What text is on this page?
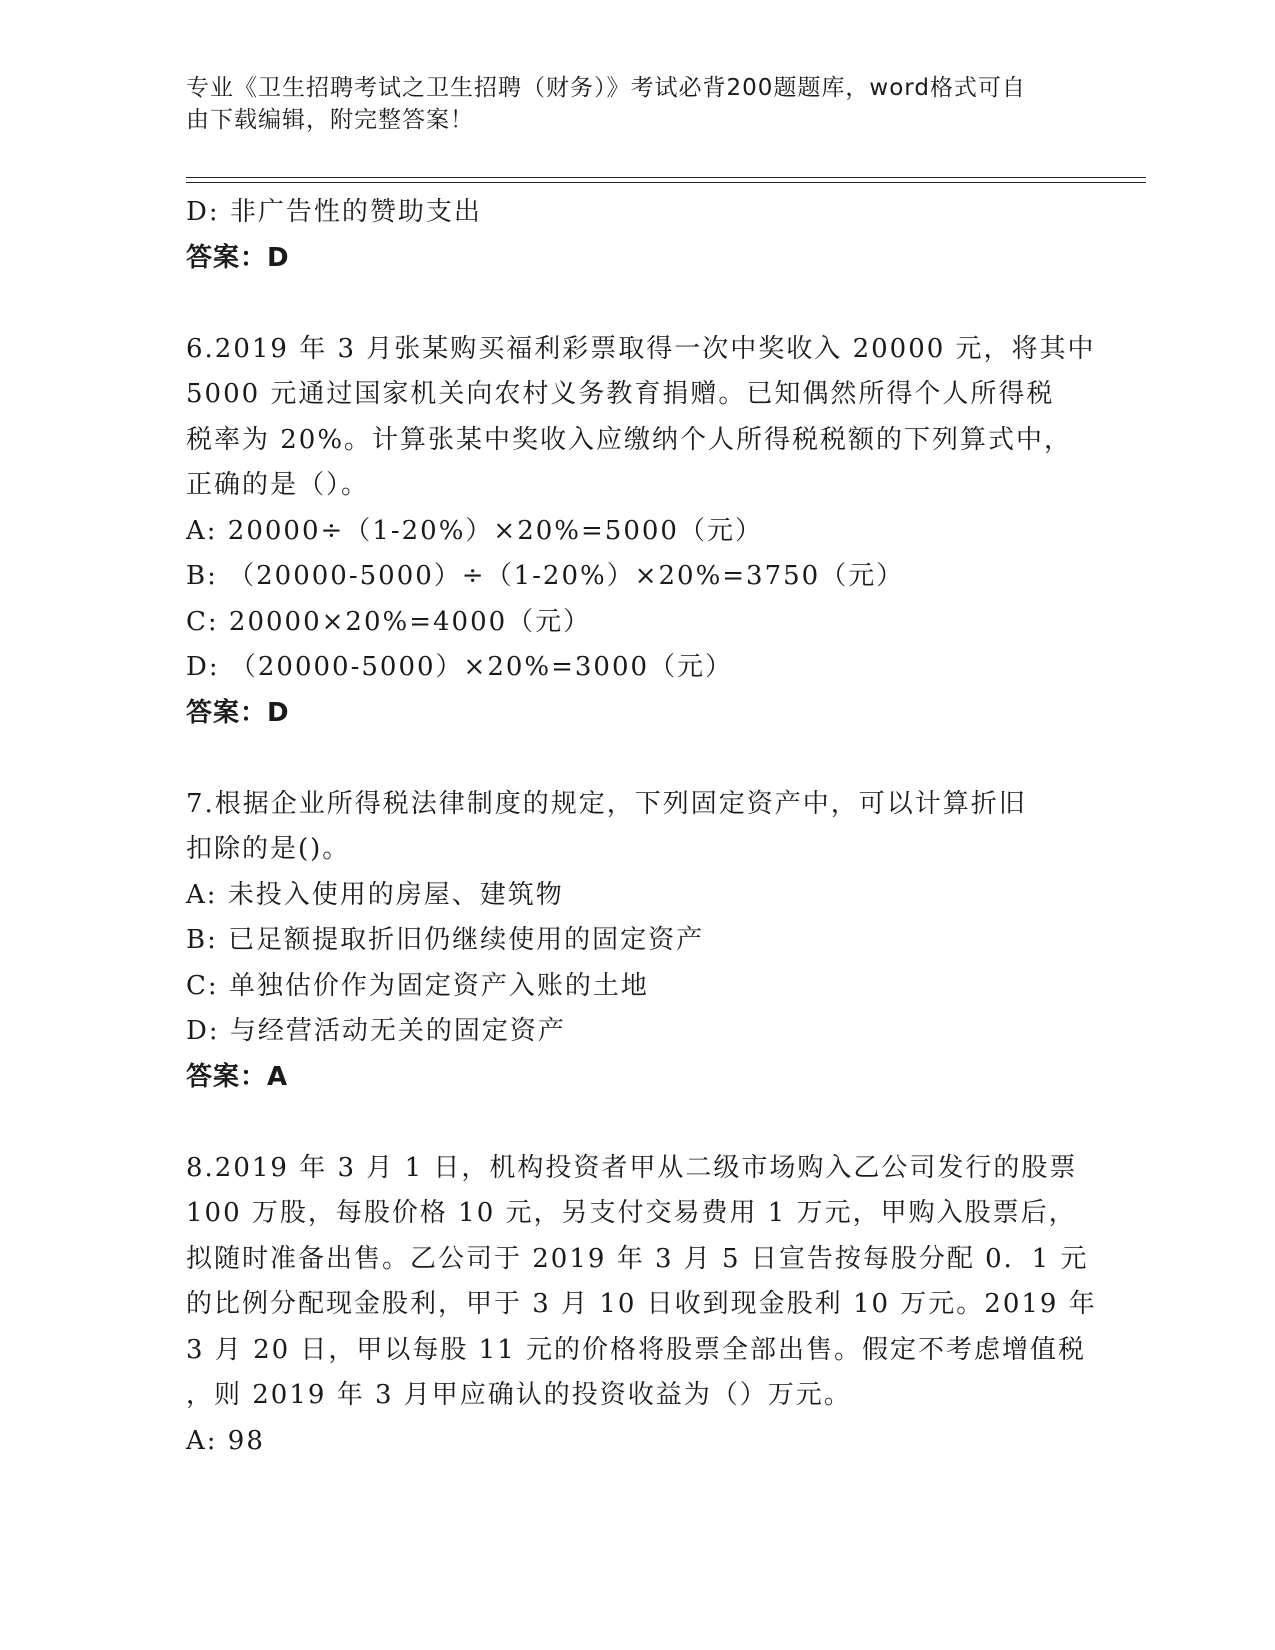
专业《卫生招聘考试之卫生招聘（财务）》考试必背200题题库，word格式可自
由下载编辑，附完整答案！
D: 非广告性的赞助支出
答案：D
6.2019 年 3 月张某购买福利彩票取得一次中奖收入 20000 元，将其中
5000 元通过国家机关向农村义务教育捐赠。已知偶然所得个人所得税
税率为 20%。计算张某中奖收入应缴纳个人所得税税额的下列算式中，
正确的是（）。
A: 20000÷（1-20%）×20%=5000（元）
B: （20000-5000）÷（1-20%）×20%=3750（元）
C: 20000×20%=4000（元）
D: （20000-5000）×20%=3000（元）
答案：D
7.根据企业所得税法律制度的规定，下列固定资产中，可以计算折旧
扣除的是()。
A: 未投入使用的房屋、建筑物
B: 已足额提取折旧仍继续使用的固定资产
C: 单独估价作为固定资产入账的土地
D: 与经营活动无关的固定资产
答案：A
8.2019 年 3 月 1 日，机构投资者甲从二级市场购入乙公司发行的股票
100 万股，每股价格 10 元，另支付交易费用 1 万元，甲购入股票后，
拟随时准备出售。乙公司于 2019 年 3 月 5 日宣告按每股分配 0．1 元
的比例分配现金股利，甲于 3 月 10 日收到现金股利 10 万元。2019 年
3 月 20 日，甲以每股 11 元的价格将股票全部出售。假定不考虑增值税
，则 2019 年 3 月甲应确认的投资收益为（）万元。
A: 98
